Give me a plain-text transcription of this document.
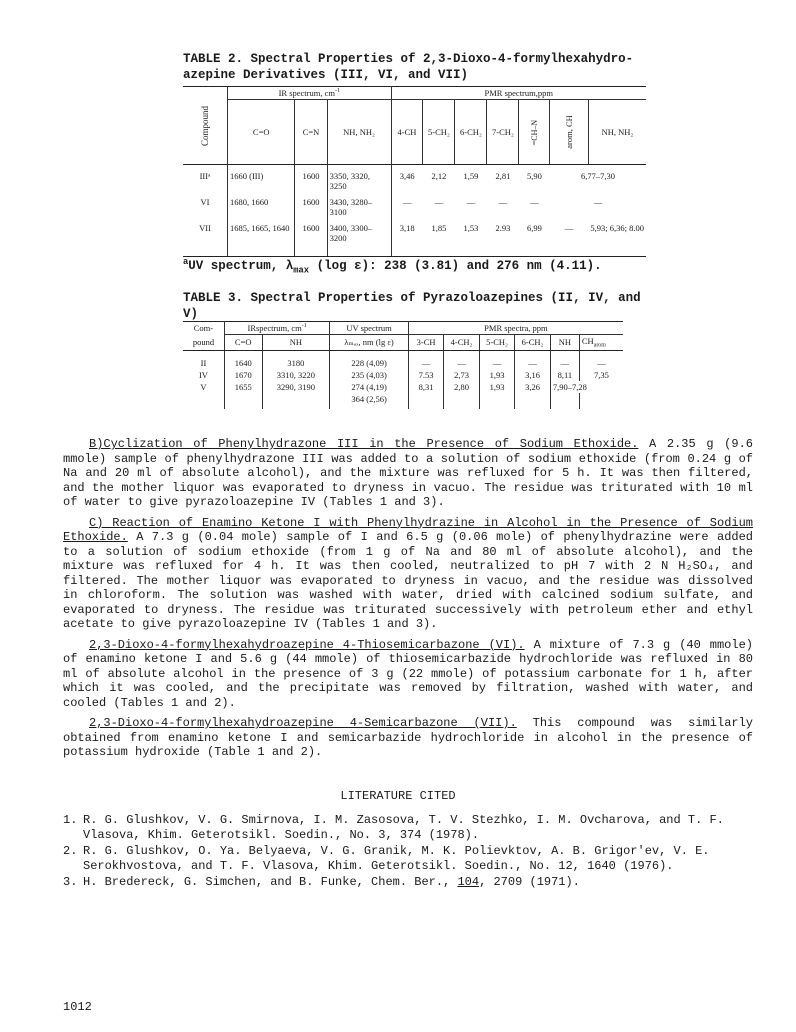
TABLE 2. Spectral Properties of 2,3-Dioxo-4-formylhexahydro-
azepine Derivatives (III, VI, and VII)
Compound	IR spectrum, $cm^{-1}$			PMR spectrum,ppm						
	C=O	C=N	NH, NH₂	4-CH	5-CH₂	6-CH₂	7-CH₂	=CH–N	arom, CH	NH, NH₂
IIIᵃ	1660 (III)	1600	3350, 3320, 3250	3,46	2,12	1,59	2,81	5,90	6,77–7,30	
VI	1680, 1660	1600	3430, 3280–3100	—	—	—	—	—	—	
VII	1685, 1665, 1640	1600	3400, 3300–3200	3,18	1,85	1,53	2.93	6,99	—	5,93; 6,36; 8.00
$^a$UV spectrum, $\lambda_{max}$ (log ε): 238 (3.81) and 276 nm (4.11).
TABLE 3. Spectral Properties of Pyrazoloazepines (II, IV, and
V)
Com-	IRspectrum, $cm^{-1}$		UV spectrum	PMR spectra, ppm					
pound	C=O	NH	λₘₐₓ, nm (lg ε)	3-CH	4-CH₂	5-CH₂	6-CH₂	NH	$CH_{arom}$
II	1640	3180	228 (4,09)	—	—	—	—	—	—
IV	1670	3310, 3220	235 (4,03)	7.53	2,73	1,93	3,16	8,11	7,35
V	1655	3290, 3190	274 (4,19)	8,31	2,80	1,93	3,26	7,90–7,28	
			364 (2,56)						

B)Cyclization of Phenylhydrazone III in the Presence of Sodium Ethoxide. A 2.35 g (9.6 mmole) sample of phenylhydrazone III was added to a solution of sodium ethoxide (from 0.24 g of Na and 20 ml of absolute alcohol), and the mixture was refluxed for 5 h. It was then filtered, and the mother liquor was evaporated to dryness in vacuo. The residue was triturated with 10 ml of water to give pyrazoloazepine IV (Tables 1 and 3).

C) Reaction of Enamino Ketone I with Phenylhydrazine in Alcohol in the Presence of Sodium Ethoxide. A 7.3 g (0.04 mole) sample of I and 6.5 g (0.06 mole) of phenylhydrazine were added to a solution of sodium ethoxide (from 1 g of Na and 80 ml of absolute alcohol), and the mixture was refluxed for 4 h. It was then cooled, neutralized to pH 7 with 2 N H₂SO₄, and filtered. The mother liquor was evaporated to dryness in vacuo, and the residue was dissolved in chloroform. The solution was washed with water, dried with calcined sodium sulfate, and evaporated to dryness. The residue was triturated successively with petroleum ether and ethyl acetate to give pyrazoloazepine IV (Tables 1 and 3).

2,3-Dioxo-4-formylhexahydroazepine 4-Thiosemicarbazone (VI). A mixture of 7.3 g (40 mmole) of enamino ketone I and 5.6 g (44 mmole) of thiosemicarbazide hydrochloride was refluxed in 80 ml of absolute alcohol in the presence of 3 g (22 mmole) of potassium carbonate for 1 h, after which it was cooled, and the precipitate was removed by filtration, washed with water, and cooled (Tables 1 and 2).

2,3-Dioxo-4-formylhexahydroazepine 4-Semicarbazone (VII). This compound was similarly obtained from enamino ketone I and semicarbazide hydrochloride in alcohol in the presence of potassium hydroxide (Table 1 and 2).

LITERATURE CITED
1. R. G. Glushkov, V. G. Smirnova, I. M. Zasosova, T. V. Stezhko, I. M. Ovcharova, and T. F. Vlasova, Khim. Geterotsikl. Soedin., No. 3, 374 (1978).
2. R. G. Glushkov, O. Ya. Belyaeva, V. G. Granik, M. K. Polievktov, A. B. Grigor'ev, V. E. Serokhvostova, and T. F. Vlasova, Khim. Geterotsikl. Soedin., No. 12, 1640 (1976).
3. H. Bredereck, G. Simchen, and B. Funke, Chem. Ber., 104, 2709 (1971).
1012
